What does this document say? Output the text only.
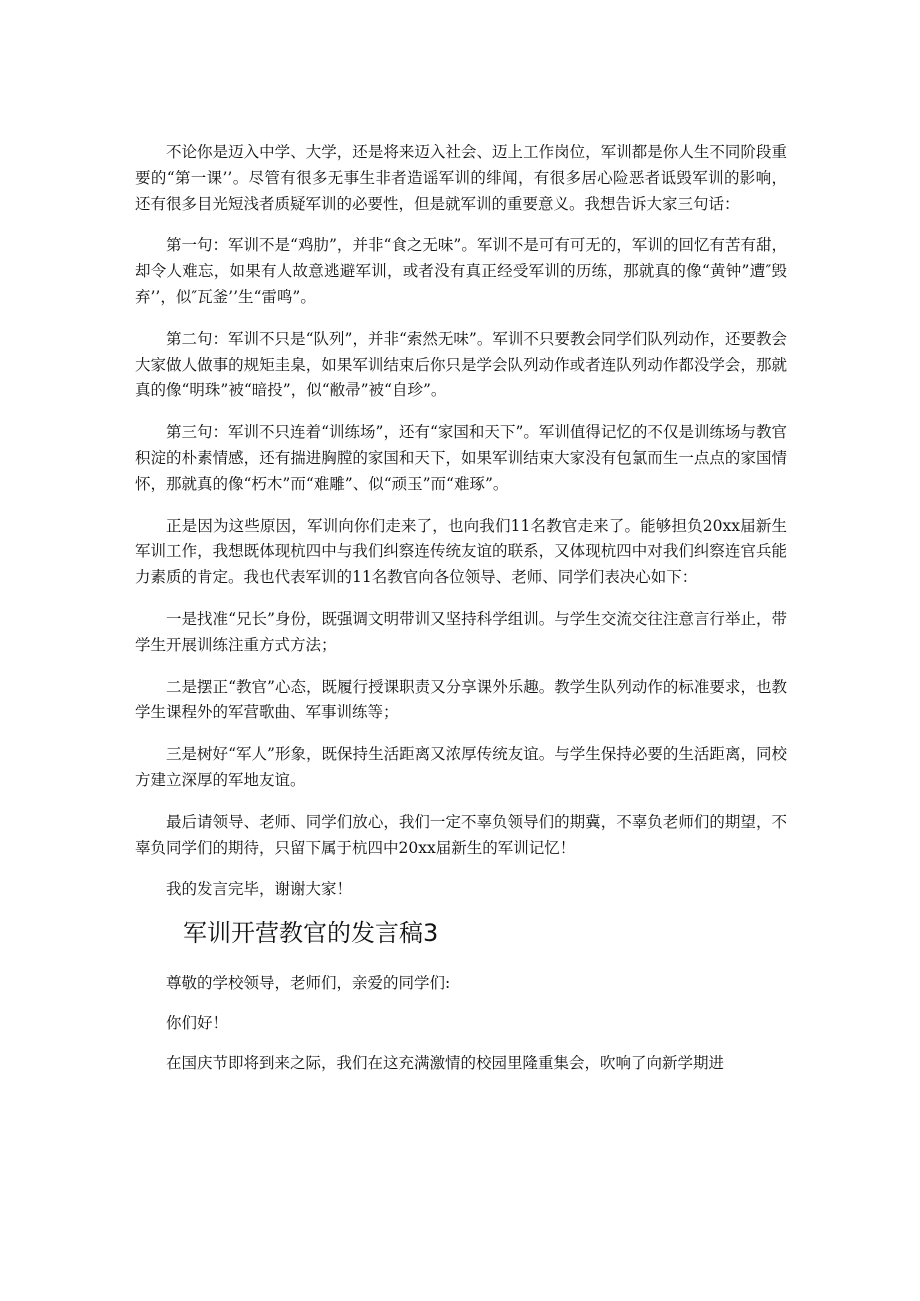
不论你是迈入中学、大学，还是将来迈入社会、迈上工作岗位，军训都是你人生不同阶段重要的“第一课’’。尽管有很多无事生非者造谣军训的绯闻，有很多居心险恶者诋毁军训的影响，还有很多目光短浅者质疑军训的必要性，但是就军训的重要意义。我想告诉大家三句话：

第一句：军训不是“鸡肋”，并非“食之无味”。军训不是可有可无的，军训的回忆有苦有甜，却令人难忘，如果有人故意逃避军训，或者没有真正经受军训的历练，那就真的像“黄钟”遭″毁弃’’，似″瓦釜’’生“雷鸣”。

第二句：军训不只是“队列”，并非“索然无味”。军训不只要教会同学们队列动作，还要教会大家做人做事的规矩圭臬，如果军训结束后你只是学会队列动作或者连队列动作都没学会，那就真的像“明珠”被“暗投”，似“敝帚”被“自珍”。

第三句：军训不只连着“训练场”，还有“家国和天下”。军训值得记忆的不仅是训练场与教官积淀的朴素情感，还有揣进胸膛的家国和天下，如果军训结束大家没有包氯而生一点点的家国情怀，那就真的像“朽木”而“难雕”、似“顽玉”而“难琢”。

正是因为这些原因，军训向你们走来了，也向我们11名教官走来了。能够担负20xx届新生军训工作，我想既体现杭四中与我们纠察连传统友谊的联系，又体现杭四中对我们纠察连官兵能力素质的肯定。我也代表军训的11名教官向各位领导、老师、同学们表决心如下：

一是找准“兄长”身份，既强调文明带训又坚持科学组训。与学生交流交往注意言行举止，带学生开展训练注重方式方法；

二是摆正“教官”心态，既履行授课职责又分享课外乐趣。教学生队列动作的标准要求，也教学生课程外的军营歌曲、军事训练等；

三是树好“军人”形象，既保持生活距离又浓厚传统友谊。与学生保持必要的生活距离，同校方建立深厚的军地友谊。

最后请领导、老师、同学们放心，我们一定不辜负领导们的期冀，不辜负老师们的期望，不辜负同学们的期待，只留下属于杭四中20xx届新生的军训记忆！

我的发言完毕，谢谢大家！

军训开营教官的发言稿3

尊敬的学校领导，老师们，亲爱的同学们:

你们好！

在国庆节即将到来之际，我们在这充满激情的校园里隆重集会，吹响了向新学期进
